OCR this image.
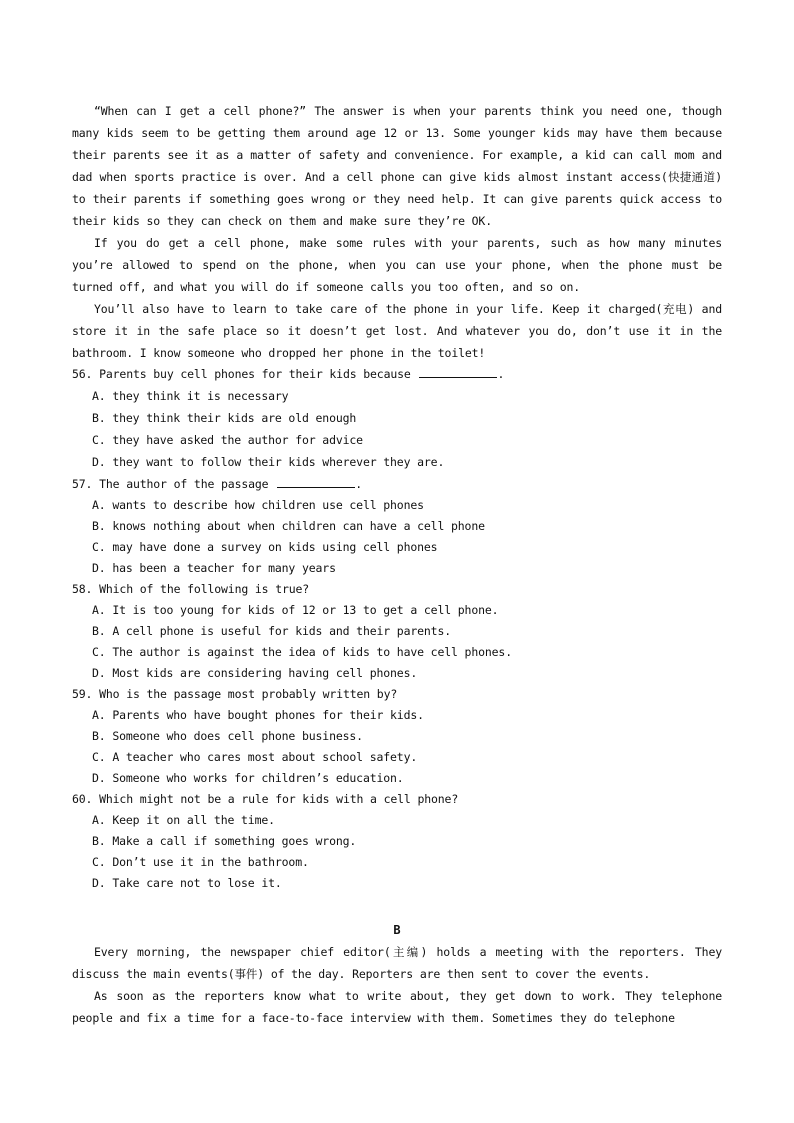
“When can I get a cell phone?” The answer is when your parents think you need one, though many kids seem to be getting them around age 12 or 13. Some younger kids may have them because their parents see it as a matter of safety and convenience. For example, a kid can call mom and dad when sports practice is over. And a cell phone can give kids almost instant access(快捷通道) to their parents if something goes wrong or they need help. It can give parents quick access to their kids so they can check on them and make sure they’re OK.

If you do get a cell phone, make some rules with your parents, such as how many minutes you’re allowed to spend on the phone, when you can use your phone, when the phone must be turned off, and what you will do if someone calls you too often, and so on.

You’ll also have to learn to take care of the phone in your life. Keep it charged(充电) and store it in the safe place so it doesn’t get lost. And whatever you do, don’t use it in the bathroom. I know someone who dropped her phone in the toilet!

56. Parents buy cell phones for their kids because	.

A. they think it is necessary

B. they think their kids are old enough

C. they have asked the author for advice

D. they want to follow their kids wherever they are.

57. The author of the passage	.

A. wants to describe how children use cell phones

B. knows nothing about when children can have a cell phone

C. may have done a survey on kids using cell phones

D. has been a teacher for many years

58. Which of the following is true?

A. It is too young for kids of 12 or 13 to get a cell phone.

B. A cell phone is useful for kids and their parents.

C. The author is against the idea of kids to have cell phones.

D. Most kids are considering having cell phones.

59. Who is the passage most probably written by?

A. Parents who have bought phones for their kids.

B. Someone who does cell phone business.

C. A teacher who cares most about school safety.

D. Someone who works for children’s education.

60. Which might not be a rule for kids with a cell phone?

A. Keep it on all the time.

B. Make a call if something goes wrong.

C. Don’t use it in the bathroom.

D. Take care not to lose it.

B

Every morning, the newspaper chief editor(主编) holds a meeting with the reporters. They discuss the main events(事件) of the day. Reporters are then sent to cover the events.

As soon as the reporters know what to write about, they get down to work. They telephone people and fix a time for a face-to-face interview with them. Sometimes they do telephone
